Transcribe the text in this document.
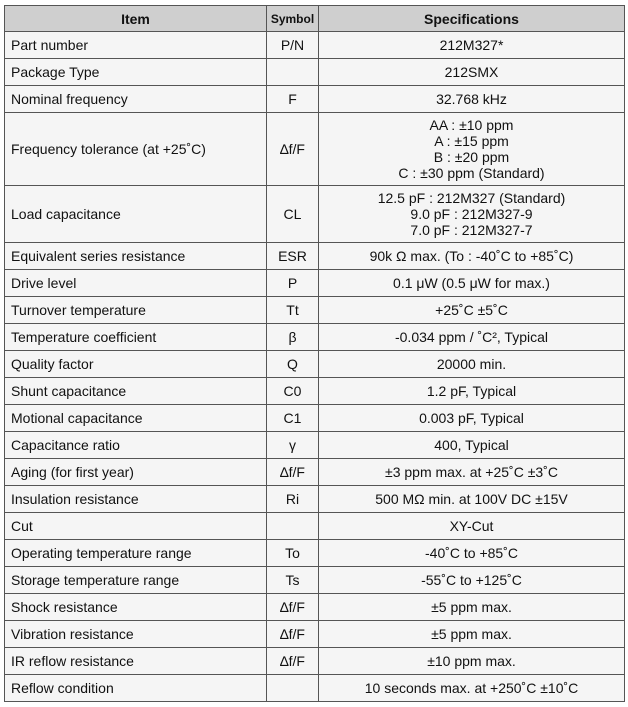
Item	Symbol	Specifications
Part number	P/N	212M327*

Package Type		212SMX

Nominal frequency	F	32.768 kHz

Frequency tolerance (at +25˚C)	∆f/F	AA : ±10 ppm
A : ±15 ppm
B : ±20 ppm
C : ±30 ppm (Standard)

Load capacitance	CL	12.5 pF : 212M327 (Standard)
9.0 pF : 212M327-9
7.0 pF : 212M327-7

Equivalent series resistance	ESR	90k Ω max. (To : -40˚C to +85˚C)

Drive level	P	0.1 μW (0.5 μW for max.)

Turnover temperature	Tt	+25˚C ±5˚C

Temperature coefficient	β	-0.034 ppm / ˚C², Typical

Quality factor	Q	20000 min.

Shunt capacitance	C0	1.2 pF, Typical

Motional capacitance	C1	0.003 pF, Typical

Capacitance ratio	γ	400, Typical

Aging (for first year)	∆f/F	±3 ppm max. at +25˚C ±3˚C

Insulation resistance	Ri	500 MΩ min. at 100V DC ±15V

Cut		XY-Cut

Operating temperature range	To	-40˚C to +85˚C

Storage temperature range	Ts	-55˚C to +125˚C

Shock resistance	∆f/F	±5 ppm max.

Vibration resistance	∆f/F	±5 ppm max.

IR reflow resistance	∆f/F	±10 ppm max.

Reflow condition		10 seconds max. at +250˚C ±10˚C
